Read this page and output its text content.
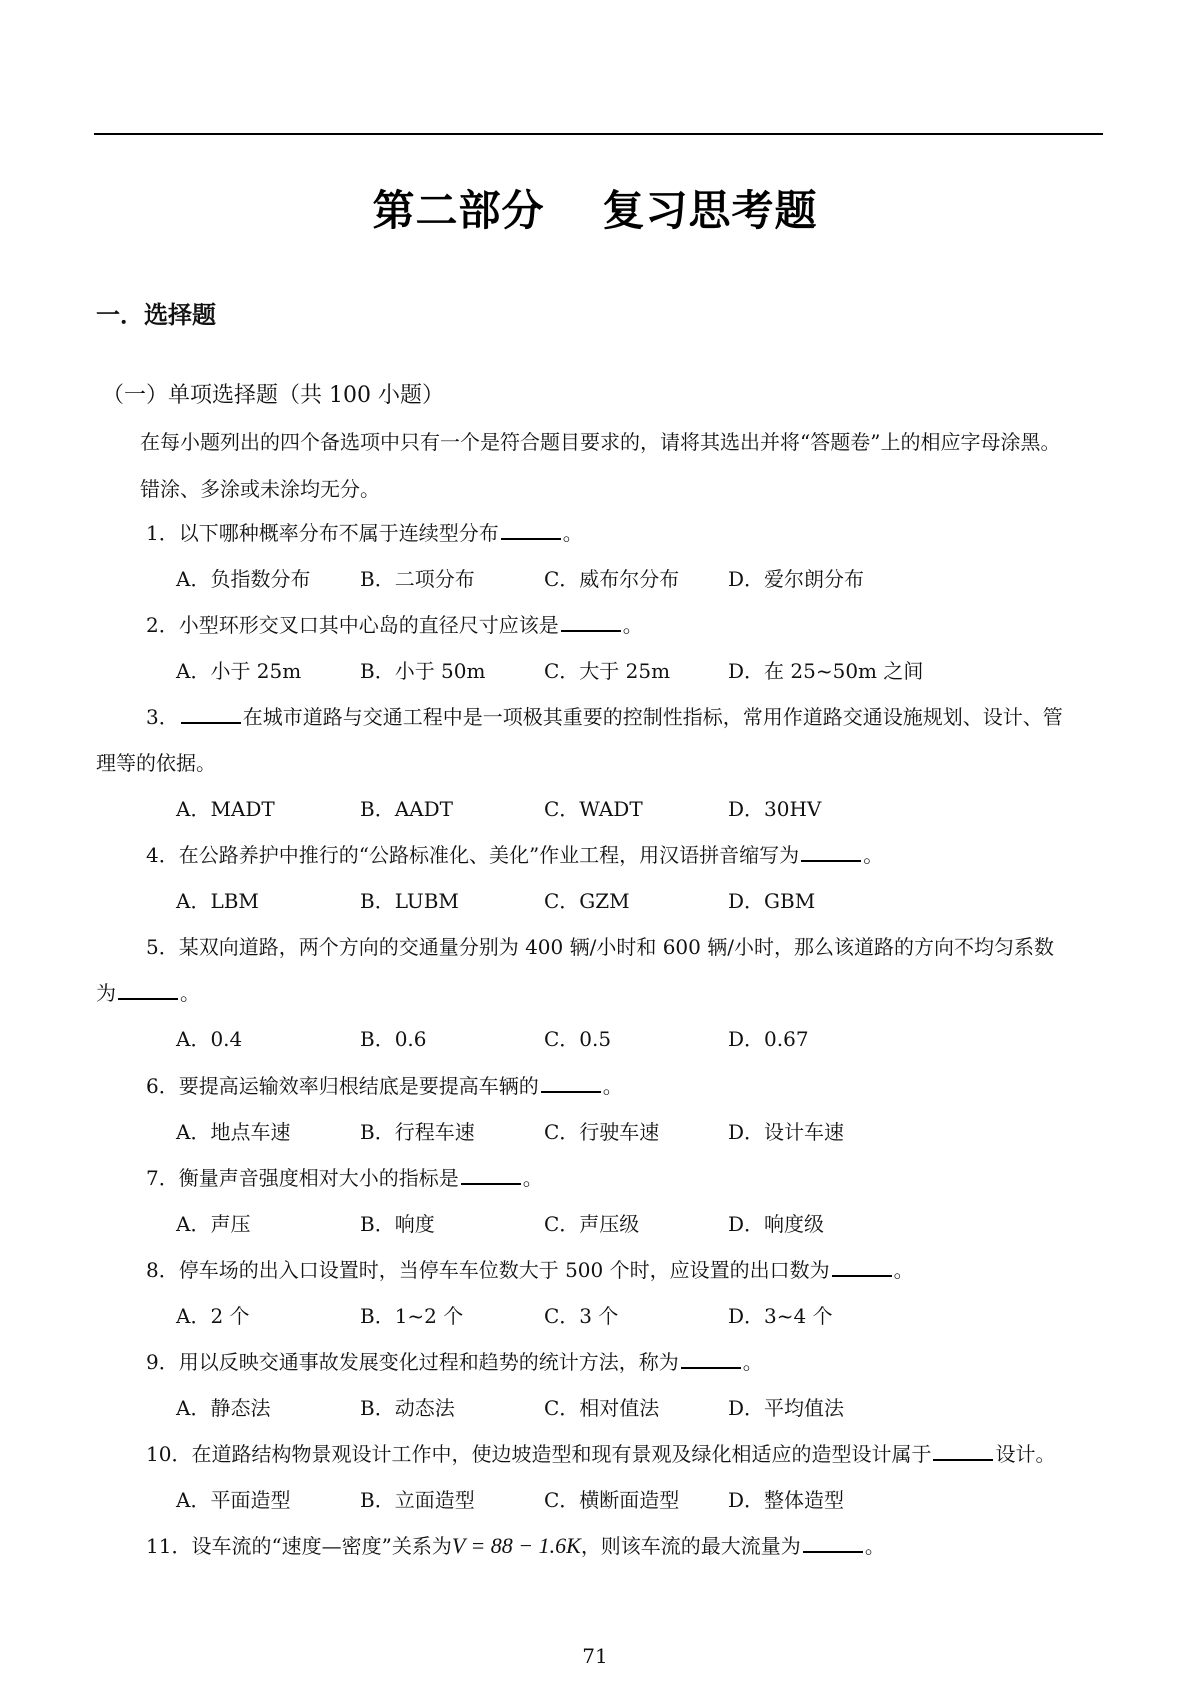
第二部分 复习思考题
一．选择题
（一）单项选择题（共 100 小题）
在每小题列出的四个备选项中只有一个是符合题目要求的，请将其选出并将“答题卷”上的相应字母涂黑。
错涂、多涂或未涂均无分。
1．以下哪种概率分布不属于连续型分布	。
A．负指数分布 B．二项分布	C．威布尔分布 D．爱尔朗分布
2．小型环形交叉口其中心岛的直径尺寸应该是	。
A．小于 25m	B．小于 50m	C．大于 25m	D．在 25~50m 之间
3．	在城市道路与交通工程中是一项极其重要的控制性指标，常用作道路交通设施规划、设计、管
理等的依据。
A．MADT	B．AADT	C．WADT	D．30HV
4．在公路养护中推行的“公路标准化、美化”作业工程，用汉语拼音缩写为	。
A．LBM	B．LUBM	C．GZM	D．GBM
5．某双向道路，两个方向的交通量分别为 400 辆/小时和 600 辆/小时，那么该道路的方向不均匀系数
为	。
A．0.4	B．0.6	C．0.5	D．0.67
6．要提高运输效率归根结底是要提高车辆的	。
A．地点车速	B．行程车速	C．行驶车速	D．设计车速
7．衡量声音强度相对大小的指标是	。
A．声压	B．响度	C．声压级	D．响度级
8．停车场的出入口设置时，当停车车位数大于 500 个时，应设置的出口数为	。
A．2 个	B．1~2 个	C．3 个	D．3~4 个
9．用以反映交通事故发展变化过程和趋势的统计方法，称为	。
A．静态法	B．动态法	C．相对值法	D．平均值法
10．在道路结构物景观设计工作中，使边坡造型和现有景观及绿化相适应的造型设计属于	设计。
A．平面造型	B．立面造型	C．横断面造型 D．整体造型
11．设车流的“速度—密度”关系为V = 88 − 1.6K，则该车流的最大流量为	。
71
